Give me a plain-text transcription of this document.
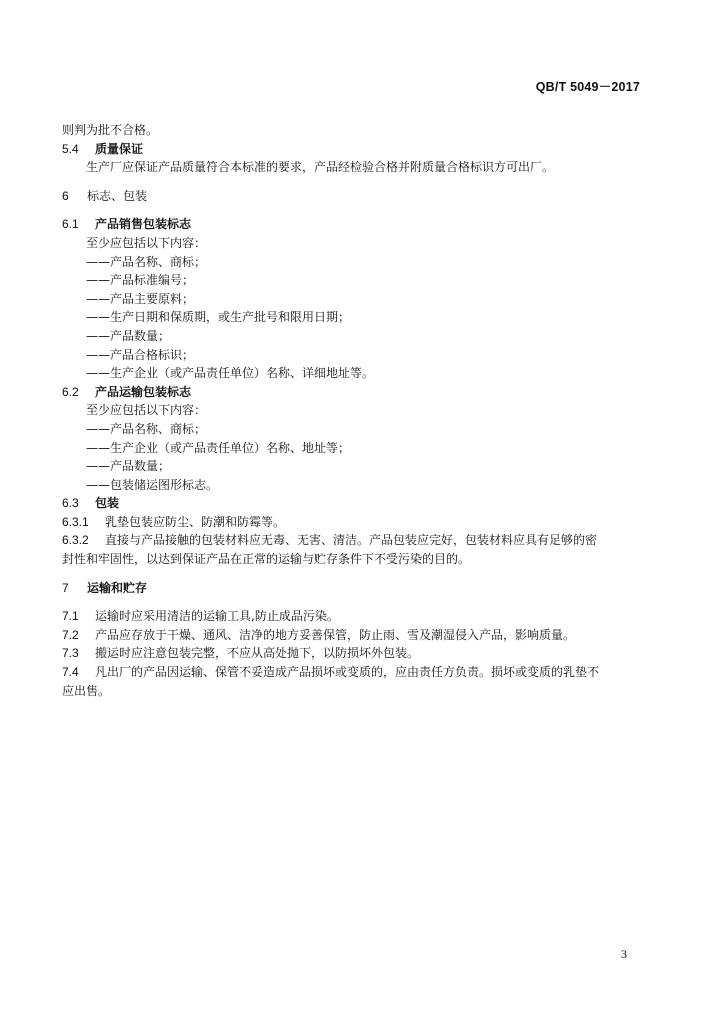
QB/T 5049－2017

则判为批不合格。

5.4 质量保证

生产厂应保证产品质量符合本标准的要求，产品经检验合格并附质量合格标识方可出厂。

6 标志、包装

6.1 产品销售包装标志

至少应包括以下内容：

——产品名称、商标；

——产品标准编号；

——产品主要原料；

——生产日期和保质期，或生产批号和限用日期；

——产品数量；

——产品合格标识；

——生产企业（或产品责任单位）名称、详细地址等。

6.2 产品运输包装标志

至少应包括以下内容：

——产品名称、商标；

——生产企业（或产品责任单位）名称、地址等；

——产品数量；

——包装储运图形标志。

6.3 包装

6.3.1 乳垫包装应防尘、防潮和防霉等。

6.3.2 直接与产品接触的包装材料应无毒、无害、清洁。产品包装应完好，包装材料应具有足够的密

封性和牢固性，以达到保证产品在正常的运输与贮存条件下不受污染的目的。

7 运输和贮存

7.1 运输时应采用清洁的运输工具,防止成品污染。

7.2 产品应存放于干燥、通风、洁净的地方妥善保管，防止雨、雪及潮湿侵入产品，影响质量。

7.3 搬运时应注意包装完整，不应从高处抛下，以防损坏外包装。

7.4 凡出厂的产品因运输、保管不妥造成产品损坏或变质的，应由责任方负责。损坏或变质的乳垫不

应出售。

3
